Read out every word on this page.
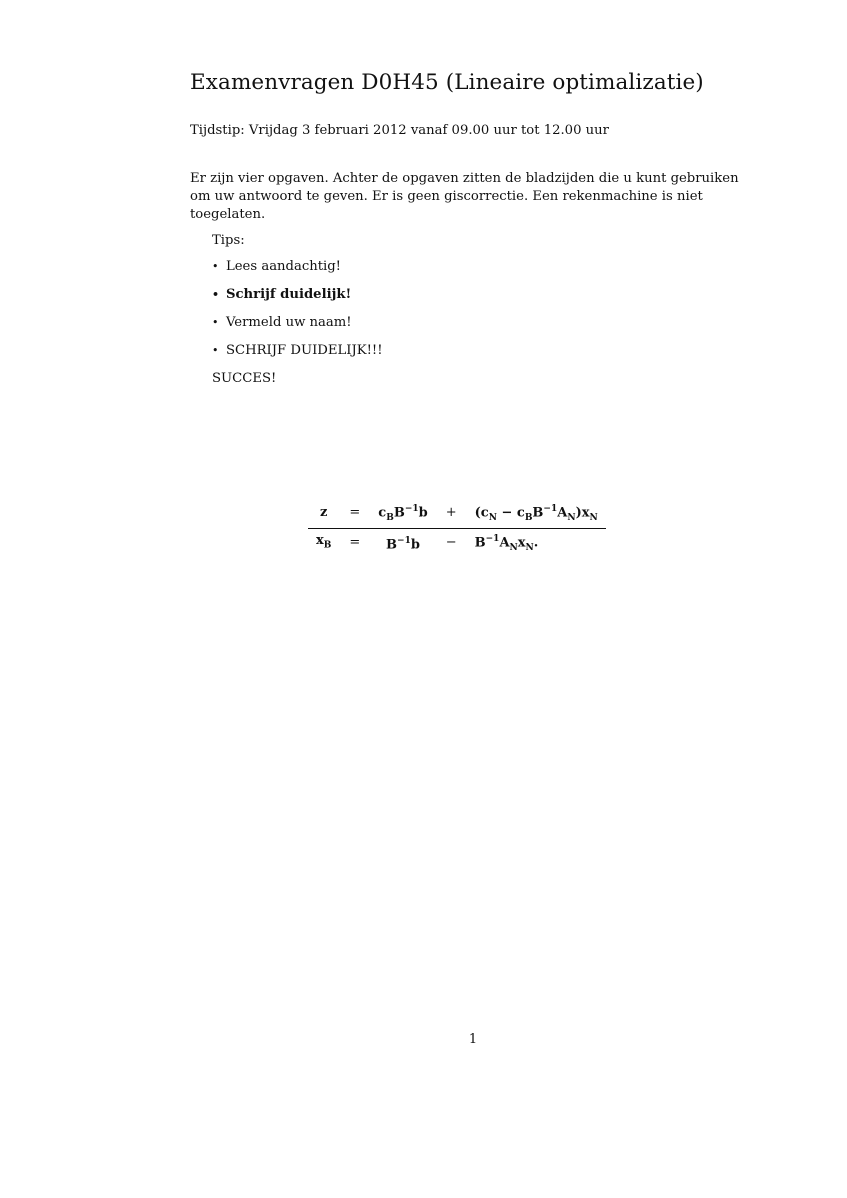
Examenvragen D0H45 (Lineaire optimalizatie)

Tijdstip: Vrijdag 3 februari 2012 vanaf 09.00 uur tot 12.00 uur

Er zijn vier opgaven. Achter de opgaven zitten de bladzijden die u kunt gebruiken om uw antwoord te geven. Er is geen giscorrectie. Een rekenmachine is niet toegelaten.

Tips:

• Lees aandachtig!
• Schrijf duidelijk!
• Vermeld uw naam!
• SCHRIJF DUIDELIJK!!!

SUCCES!

z	=	$c_BB^{-1}b$	+	$(c_N - c_BB^{-1}A_N)x_N$
$x_B$	=	$B^{-1}b$	−	$B^{-1}A_Nx_N$.

1
